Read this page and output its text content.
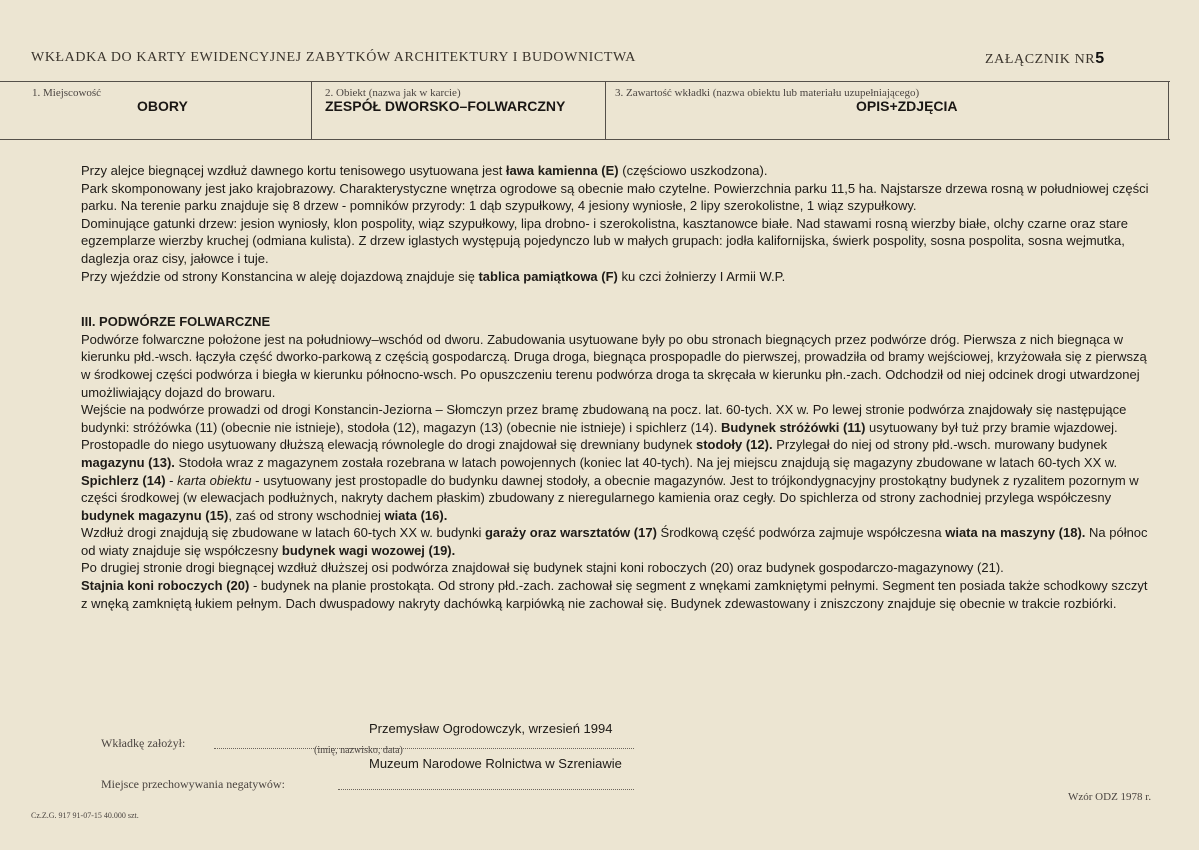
WKŁADKA DO KARTY EWIDENCYJNEJ ZABYTKÓW ARCHITEKTURY I BUDOWNICTWA	ZAŁĄCZNIK NR5
1. Miejscowość
OBORY
2. Obiekt (nazwa jak w karcie)
ZESPÓŁ DWORSKO–FOLWARCZNY
3. Zawartość wkładki (nazwa obiektu lub materiału uzupełniającego)
OPIS+ZDJĘCIA

Przy alejce biegnącej wzdłuż dawnego kortu tenisowego usytuowana jest ława kamienna (E) (częściowo uszkodzona).

Park skomponowany jest jako krajobrazowy. Charakterystyczne wnętrza ogrodowe są obecnie mało czytelne. Powierzchnia parku 11,5 ha. Najstarsze drzewa rosną w południowej części parku. Na terenie parku znajduje się 8 drzew - pomników przyrody: 1 dąb szypułkowy, 4 jesiony wyniosłe, 2 lipy szerokolistne, 1 wiąz szypułkowy.

Dominujące gatunki drzew: jesion wyniosły, klon pospolity, wiąz szypułkowy, lipa drobno- i szerokolistna, kasztanowce białe. Nad stawami rosną wierzby białe, olchy czarne oraz stare egzemplarze wierzby kruchej (odmiana kulista). Z drzew iglastych występują pojedynczo lub w małych grupach: jodła kalifornijska, świerk pospolity, sosna pospolita, sosna wejmutka, daglezja oraz cisy, jałowce i tuje.

Przy wjeździe od strony Konstancina w aleję dojazdową znajduje się tablica pamiątkowa (F) ku czci żołnierzy I Armii W.P.

III. PODWÓRZE FOLWARCZNE

Podwórze folwarczne położone jest na południowy–wschód od dworu. Zabudowania usytuowane były po obu stronach biegnących przez podwórze dróg. Pierwsza z nich biegnąca w kierunku płd.-wsch. łączyła część dworko-parkową z częścią gospodarczą. Druga droga, biegnąca prospopadle do pierwszej, prowadziła od bramy wejściowej, krzyżowała się z pierwszą w środkowej części podwórza i biegła w kierunku północno-wsch. Po opuszczeniu terenu podwórza droga ta skręcała w kierunku płn.-zach. Odchodził od niej odcinek drogi utwardzonej umożliwiający dojazd do browaru.

Wejście na podwórze prowadzi od drogi Konstancin-Jeziorna – Słomczyn przez bramę zbudowaną na pocz. lat. 60-tych. XX w. Po lewej stronie podwórza znajdowały się następujące budynki: stróżówka (11) (obecnie nie istnieje), stodoła (12), magazyn (13) (obecnie nie istnieje) i spichlerz (14). Budynek stróżówki (11) usytuowany był tuż przy bramie wjazdowej.

Prostopadle do niego usytuowany dłuższą elewacją równolegle do drogi znajdował się drewniany budynek stodoły (12). Przylegał do niej od strony płd.-wsch. murowany budynek magazynu (13). Stodoła wraz z magazynem została rozebrana w latach powojennych (koniec lat 40-tych). Na jej miejscu znajdują się magazyny zbudowane w latach 60-tych XX w.

Spichlerz (14) - karta obiektu - usytuowany jest prostopadle do budynku dawnej stodoły, a obecnie magazynów. Jest to trójkondygnacyjny prostokątny budynek z ryzalitem pozornym w części środkowej (w elewacjach podłużnych, nakryty dachem płaskim) zbudowany z nieregularnego kamienia oraz cegły. Do spichlerza od strony zachodniej przylega współczesny budynek magazynu (15), zaś od strony wschodniej wiata (16).

Wzdłuż drogi znajdują się zbudowane w latach 60-tych XX w. budynki garaży oraz warsztatów (17) Środkową część podwórza zajmuje współczesna wiata na maszyny (18). Na północ od wiaty znajduje się współczesny budynek wagi wozowej (19).

Po drugiej stronie drogi biegnącej wzdłuż dłuższej osi podwórza znajdował się budynek stajni koni roboczych (20) oraz budynek gospodarczo-magazynowy (21).

Stajnia koni roboczych (20) - budynek na planie prostokąta. Od strony płd.-zach. zachował się segment z wnękami zamkniętymi pełnymi. Segment ten posiada także schodkowy szczyt z wnęką zamkniętą łukiem pełnym. Dach dwuspadowy nakryty dachówką karpiówką nie zachował się. Budynek zdewastowany i zniszczony znajduje się obecnie w trakcie rozbiórki.

Przemysław Ogrodowczyk, wrzesień 1994
Wkładkę założył:
(imię, nazwisko, data)
Muzeum Narodowe Rolnictwa w Szreniawie
Miejsce przechowywania negatywów:
Wzór ODZ 1978 r.
Cz.Z.G. 917 91-07-15 40.000 szt.
